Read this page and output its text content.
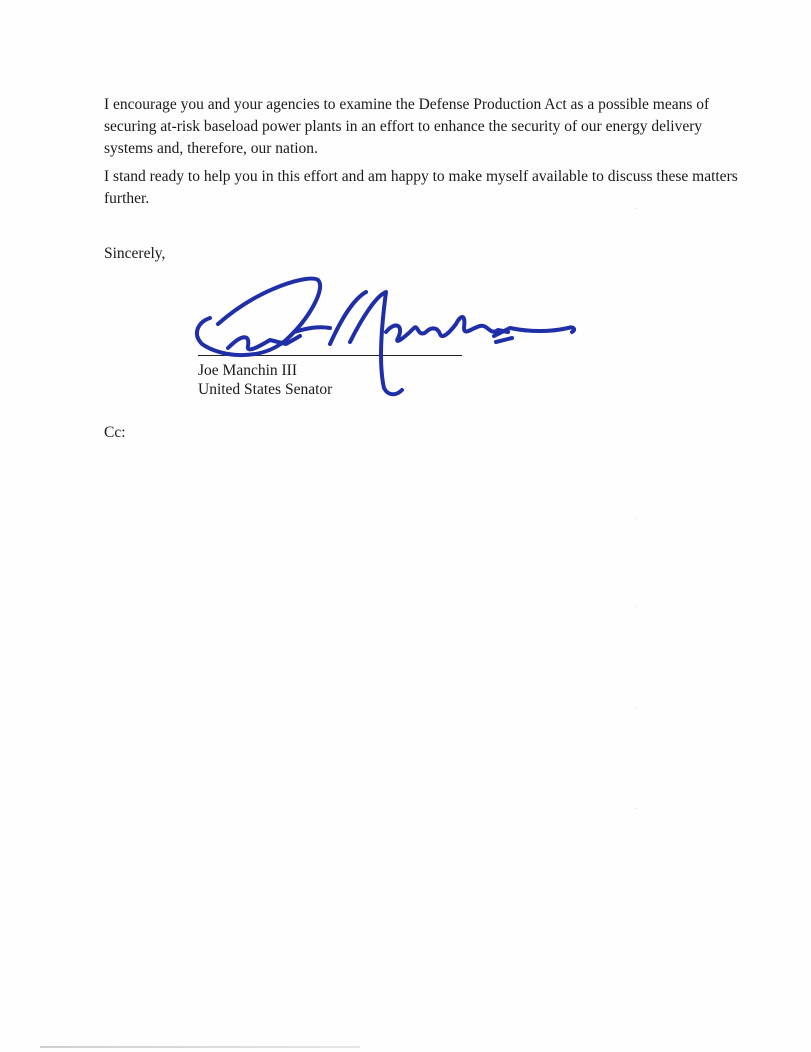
I encourage you and your agencies to examine the Defense Production Act as a possible means of securing at-risk baseload power plants in an effort to enhance the security of our energy delivery systems and, therefore, our nation.

I stand ready to help you in this effort and am happy to make myself available to discuss these matters further.

Sincerely,

Joe Manchin III
United States Senator
Cc:
